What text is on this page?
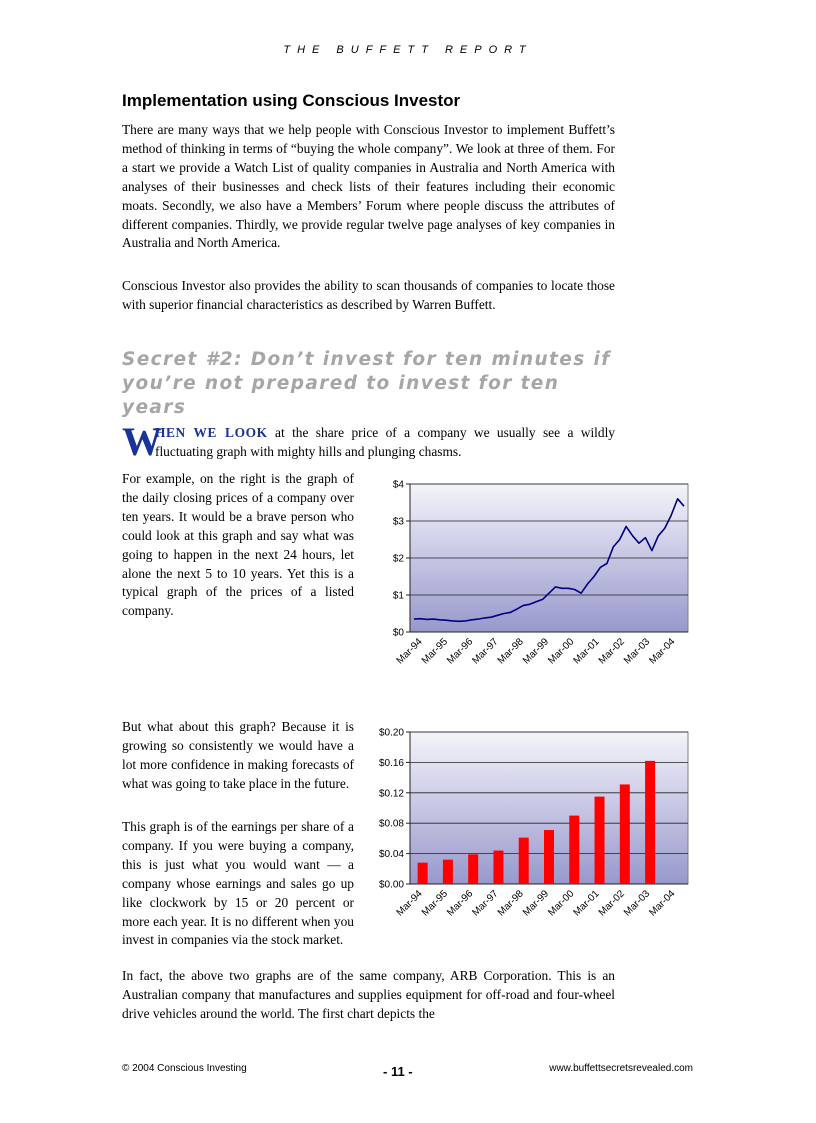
THE BUFFETT REPORT
Implementation using Conscious Investor

There are many ways that we help people with Conscious Investor to implement Buffett’s method of thinking in terms of “buying the whole company”. We look at three of them. For a start we provide a Watch List of quality companies in Australia and North America with analyses of their businesses and check lists of their features including their economic moats. Secondly, we also have a Members’ Forum where people discuss the attributes of different companies. Thirdly, we provide regular twelve page analyses of key companies in Australia and North America.

Conscious Investor also provides the ability to scan thousands of companies to locate those with superior financial characteristics as described by Warren Buffett.

Secret #2: Don’t invest for ten minutes if you’re not prepared to invest for ten years
W
HEN WE LOOK at the share price of a company we usually see a wildly fluctuating graph with mighty hills and plunging chasms.

For example, on the right is the graph of the daily closing prices of a company over ten years. It would be a brave person who could look at this graph and say what was going to happen in the next 24 hours, let alone the next 5 to 10 years. Yet this is a typical graph of the prices of a listed company.

But what about this graph? Because it is growing so consistently we would have a lot more confidence in making forecasts of what was going to take place in the future.

This graph is of the earnings per share of a company. If you were buying a company, this is just what you would want — a company whose earnings and sales go up like clockwork by 15 or 20 percent or more each year. It is no different when you invest in companies via the stock market.

In fact, the above two graphs are of the same company, ARB Corporation. This is an Australian company that manufactures and supplies equipment for off-road and four-wheel drive vehicles around the world. The first chart depicts the

$0
$1
$2
$3
$4
Mar-94
Mar-95
Mar-96
Mar-97
Mar-98
Mar-99
Mar-00
Mar-01
Mar-02
Mar-03
Mar-04
$0.00
$0.04
$0.08
$0.12
$0.16
$0.20
Mar-94
Mar-95
Mar-96
Mar-97
Mar-98
Mar-99
Mar-00
Mar-01
Mar-02
Mar-03
Mar-04
© 2004 Conscious Investing	- 11 -	www.buffettsecretsrevealed.com
